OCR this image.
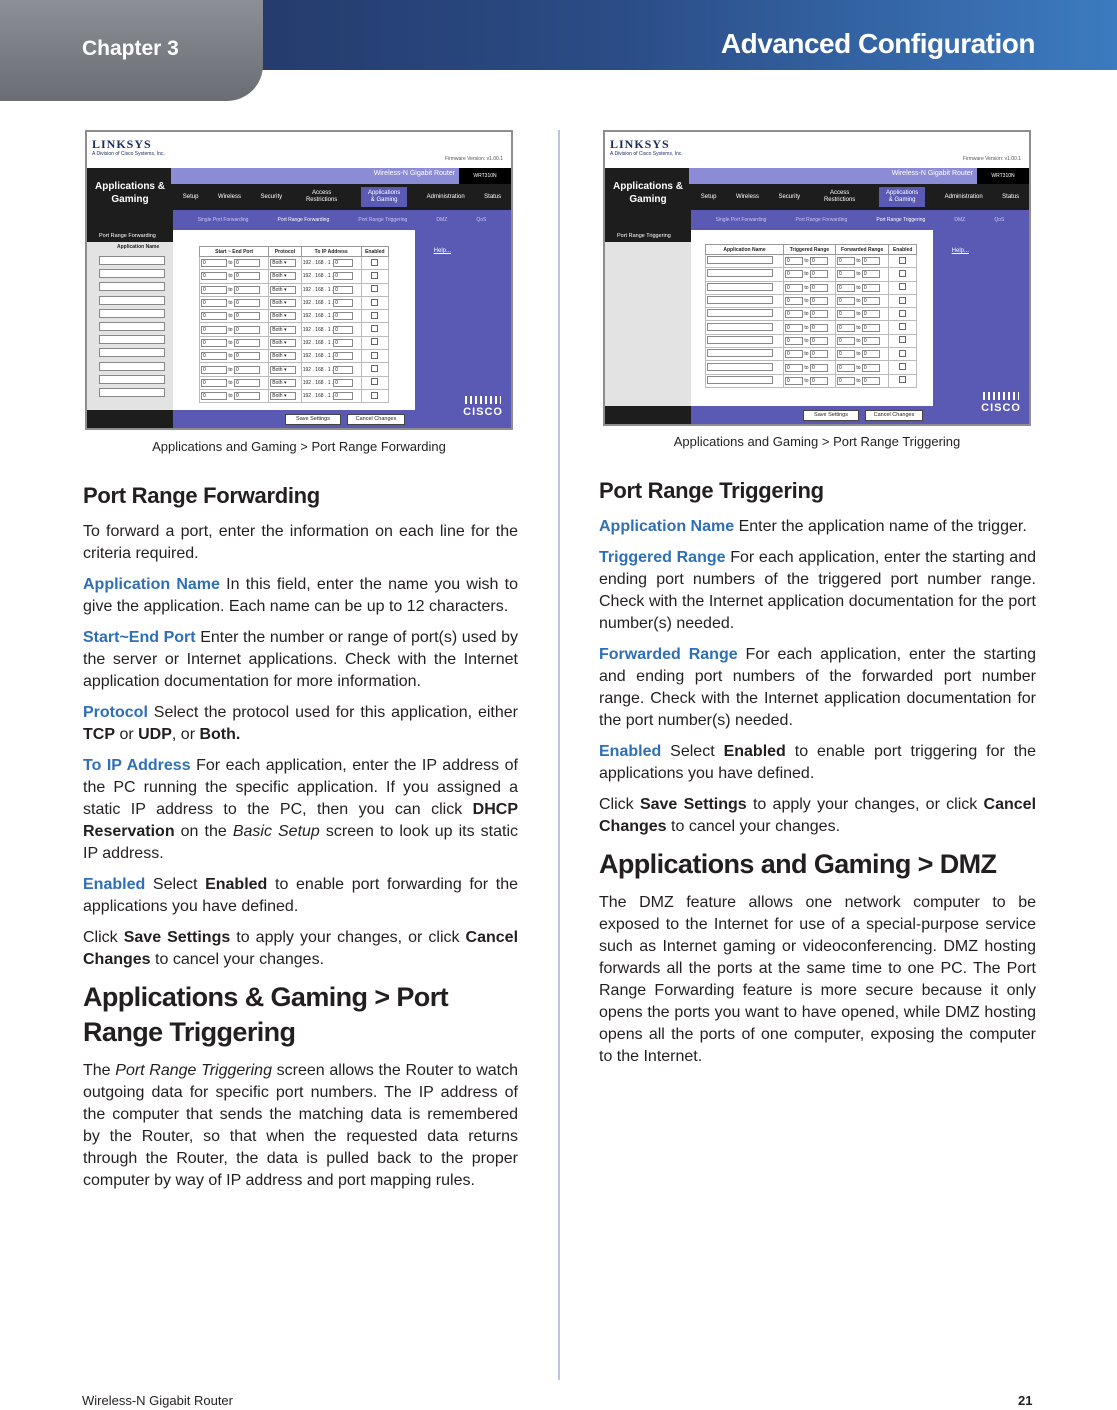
Chapter 3	Advanced Configuration
LINKSYS
A Division of Cisco Systems, Inc.
Firmware Version: v1.00.1
Applications & Gaming
Wireless-N Gigabit Router	WRT310N
Setup	Wireless	Security
Access Restrictions
Applications & Gaming
Administration	Status
Single Port Forwarding	Port Range Forwarding	Port Range Triggering	DMZ	QoS
Port Range Forwarding
Application Name
Start ~ End Port	Protocol	To IP Address	Enabled
0 to 0	Both ▾	192 . 168 . 1 . 0	
0 to 0	Both ▾	192 . 168 . 1 . 0	
0 to 0	Both ▾	192 . 168 . 1 . 0	
0 to 0	Both ▾	192 . 168 . 1 . 0	
0 to 0	Both ▾	192 . 168 . 1 . 0	
0 to 0	Both ▾	192 . 168 . 1 . 0	
0 to 0	Both ▾	192 . 168 . 1 . 0	
0 to 0	Both ▾	192 . 168 . 1 . 0	
0 to 0	Both ▾	192 . 168 . 1 . 0	
0 to 0	Both ▾	192 . 168 . 1 . 0	
0 to 0	Both ▾	192 . 168 . 1 . 0	
Help...
CISCO
Save Settings	Cancel Changes
Applications and Gaming > Port Range Forwarding
LINKSYS
A Division of Cisco Systems, Inc.
Firmware Version: v1.00.1
Applications & Gaming
Wireless-N Gigabit Router	WRT310N
Setup	Wireless	Security
Access Restrictions
Applications & Gaming
Administration	Status
Single Port Forwarding	Port Range Forwarding	Port Range Triggering	DMZ	QoS
Port Range Triggering
Application Name	Triggered Range	Forwarded Range	Enabled
	0 to 0	0 to 0	
	0 to 0	0 to 0	
	0 to 0	0 to 0	
	0 to 0	0 to 0	
	0 to 0	0 to 0	
	0 to 0	0 to 0	
	0 to 0	0 to 0	
	0 to 0	0 to 0	
	0 to 0	0 to 0	
	0 to 0	0 to 0	
Help...
CISCO
Save Settings	Cancel Changes
Applications and Gaming > Port Range Triggering
Port Range Forwarding

To forward a port, enter the information on each line for the criteria required.

Application Name In this field, enter the name you wish to give the application. Each name can be up to 12 characters.

Start~End Port Enter the number or range of port(s) used by the server or Internet applications. Check with the Internet application documentation for more information.

Protocol Select the protocol used for this application, either TCP or UDP, or Both.

To IP Address For each application, enter the IP address of the PC running the specific application. If you assigned a static IP address to the PC, then you can click DHCP Reservation on the Basic Setup screen to look up its static IP address.

Enabled Select Enabled to enable port forwarding for the applications you have defined.

Click Save Settings to apply your changes, or click Cancel Changes to cancel your changes.

Applications & Gaming > Port Range Triggering

The Port Range Triggering screen allows the Router to watch outgoing data for specific port numbers. The IP address of the computer that sends the matching data is remembered by the Router, so that when the requested data returns through the Router, the data is pulled back to the proper computer by way of IP address and port mapping rules.

Port Range Triggering

Application Name Enter the application name of the trigger.

Triggered Range For each application, enter the starting and ending port numbers of the triggered port number range. Check with the Internet application documentation for the port number(s) needed.

Forwarded Range For each application, enter the starting and ending port numbers of the forwarded port number range. Check with the Internet application documentation for the port number(s) needed.

Enabled Select Enabled to enable port triggering for the applications you have defined.

Click Save Settings to apply your changes, or click Cancel Changes to cancel your changes.

Applications and Gaming > DMZ

The DMZ feature allows one network computer to be exposed to the Internet for use of a special-purpose service such as Internet gaming or videoconferencing. DMZ hosting forwards all the ports at the same time to one PC. The Port Range Forwarding feature is more secure because it only opens the ports you want to have opened, while DMZ hosting opens all the ports of one computer, exposing the computer to the Internet.

Wireless-N Gigabit Router	21
